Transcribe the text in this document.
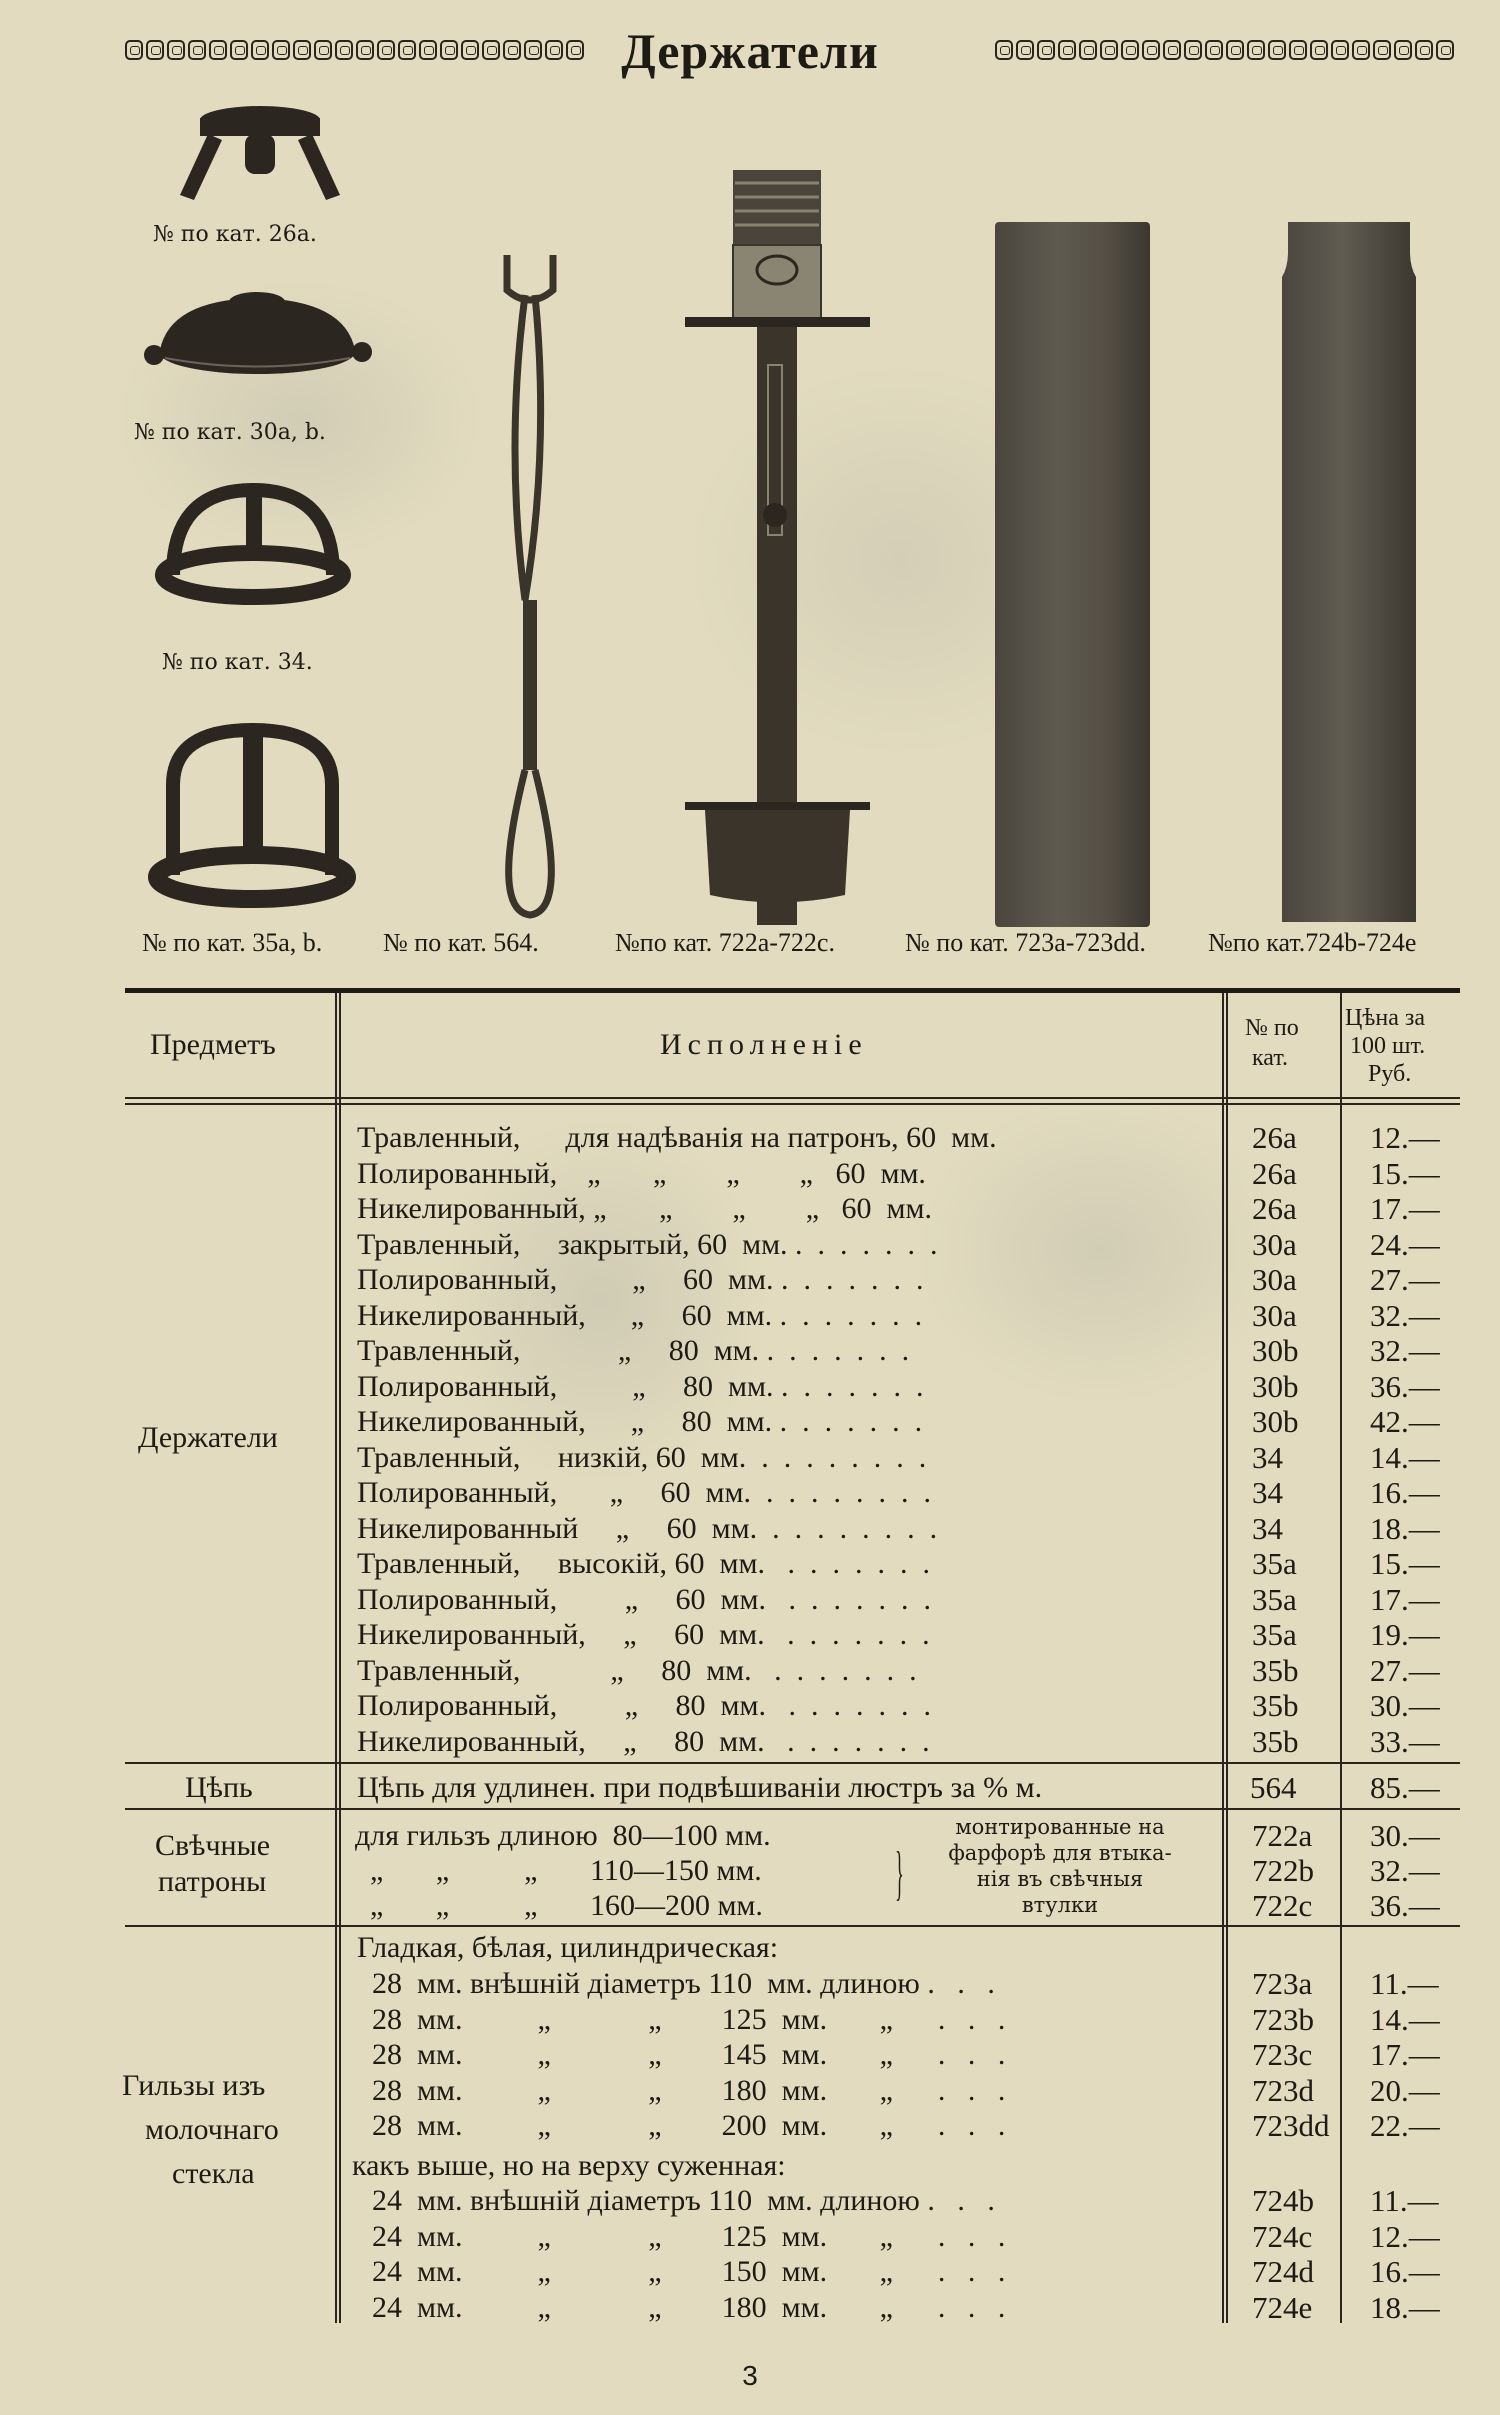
Держатели
№ по кат. 26а.
№ по кат. 30а, b.
№ по кат. 34.
№ по кат. 35а, b. № по кат. 564.	№по кат. 722а-722с.	№ по кат. 723а-723dd. №по кат.724b-724e
Предметъ	Исполненiе	№ по
кат.
Цѣна за
100 шт.
Руб.
Держатели
Травленный,      для надѣванiя на патронъ, 60  мм.	26a 12.—
Полированный,    „       „        „        „   60  мм.	26a 15.—
Никелированный, „       „        „        „   60  мм.	26a 17.—
Травленный,     закрытый, 60  мм. .  .  .  .  .  .  .	30a 24.—
Полированный,          „     60  мм. .  .  .  .  .  .  .	30a 27.—
Никелированный,      „     60  мм. .  .  .  .  .  .  .	30a 32.—
Травленный,             „     80  мм. .  .  .  .  .  .  .	30b 32.—
Полированный,          „     80  мм. .  .  .  .  .  .  .	30b 36.—
Никелированный,      „     80  мм. .  .  .  .  .  .  .	30b 42.—
Травленный,     низкiй, 60  мм.  .  .  .  .  .  .  .  .	34	14.—
Полированный,       „     60  мм.  .  .  .  .  .  .  .  .	34	16.—
Никелированный     „     60  мм.  .  .  .  .  .  .  .  .	34	18.—
Травленный,     высокiй, 60  мм.   .  .  .  .  .  .  .	35a 15.—
Полированный,         „     60  мм.   .  .  .  .  .  .  .	35a 17.—
Никелированный,     „     60  мм.   .  .  .  .  .  .  .	35a 19.—
Травленный,            „     80  мм.   .  .  .  .  .  .  .	35b 27.—
Полированный,         „     80  мм.   .  .  .  .  .  .  .	35b 30.—
Никелированный,     „     80  мм.   .  .  .  .  .  .  .	35b 33.—
Цѣпь	Цѣпь для удлинен. при подвѣшиванiи люстръ за % м.	564 85.—
Свѣчные
патроны
для гильзъ длиною  80—100 мм.	722a 30.—
„       „          „       110—150 мм.	722b 32.—
„       „          „       160—200 мм.	722c 36.—
}
монтированные на
фарфорѣ для втыка-
нiя въ свѣчныя
втулки
Гильзы изъ
молочнаго
стекла
Гладкая, бѣлая, цилиндрическая:
28  мм. внѣшнiй дiаметръ 110  мм. длиною .   .   .	723a 11.—
28  мм.          „             „        125  мм.       „      .   .   .	723b 14.—
28  мм.          „             „        145  мм.       „      .   .   .	723c 17.—
28  мм.          „             „        180  мм.       „      .   .   .	723d 20.—
28  мм.          „             „        200  мм.       „      .   .   .	723dd 22.—
какъ выше, но на верху суженная:
24  мм. внѣшнiй дiаметръ 110  мм. длиною .   .   .	724b 11.—
24  мм.          „             „        125  мм.       „      .   .   .	724c 12.—
24  мм.          „             „        150  мм.       „      .   .   .	724d 16.—
24  мм.          „             „        180  мм.       „      .   .   .	724e 18.—
3
